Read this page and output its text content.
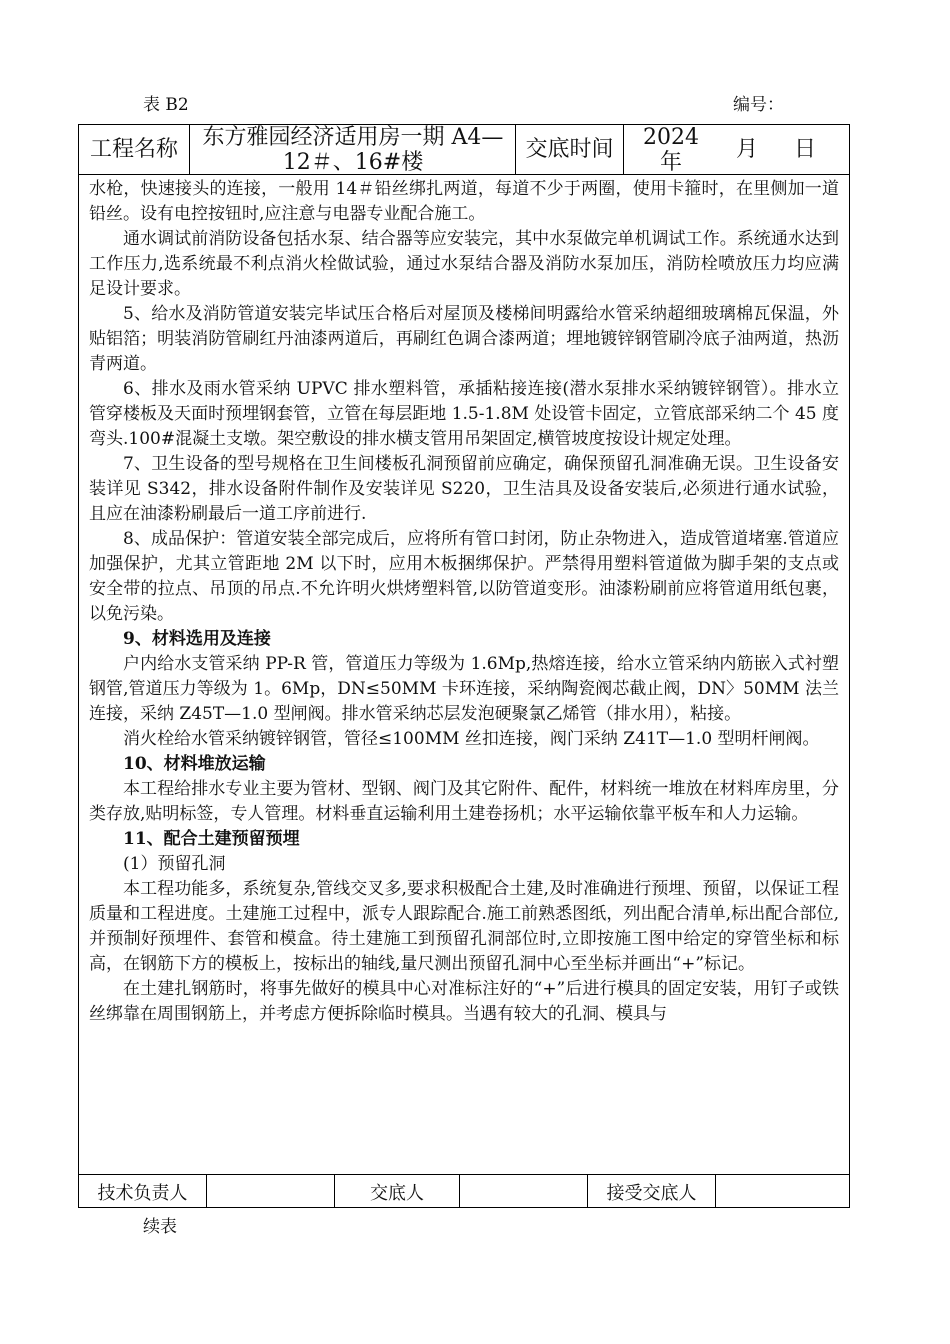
表 B2	编号：
工程名称	东方雅园经济适用房一期 A4—12＃、16#楼	交底时间	2024 年	月 日

水枪，快速接头的连接，一般用 14＃铅丝绑扎两道，每道不少于两圈，使用卡箍时，在里侧加一道铅丝。设有电控按钮时,应注意与电器专业配合施工。

通水调试前消防设备包括水泵、结合器等应安装完，其中水泵做完单机调试工作。系统通水达到工作压力,选系统最不利点消火栓做试验，通过水泵结合器及消防水泵加压，消防栓喷放压力均应满足设计要求。

5、给水及消防管道安装完毕试压合格后对屋顶及楼梯间明露给水管采纳超细玻璃棉瓦保温，外贴铝箔；明装消防管刷红丹油漆两道后，再刷红色调合漆两道；埋地镀锌钢管刷冷底子油两道，热沥青两道。

6、排水及雨水管采纳 UPVC 排水塑料管，承插粘接连接(潜水泵排水采纳镀锌钢管）。排水立管穿楼板及天面时预埋钢套管，立管在每层距地 1.5-1.8M 处设管卡固定，立管底部采纳二个 45 度弯头.100#混凝土支墩。架空敷设的排水横支管用吊架固定,横管坡度按设计规定处理。

7、卫生设备的型号规格在卫生间楼板孔洞预留前应确定，确保预留孔洞准确无误。卫生设备安装详见 S342，排水设备附件制作及安装详见 S220，卫生洁具及设备安装后,必须进行通水试验，且应在油漆粉刷最后一道工序前进行.

8、成品保护：管道安装全部完成后，应将所有管口封闭，防止杂物进入，造成管道堵塞.管道应加强保护，尤其立管距地 2M 以下时，应用木板捆绑保护。严禁得用塑料管道做为脚手架的支点或安全带的拉点、吊顶的吊点.不允许明火烘烤塑料管,以防管道变形。油漆粉刷前应将管道用纸包裹，以免污染。

9、材料选用及连接

户内给水支管采纳 PP-R 管，管道压力等级为 1.6Mp,热熔连接，给水立管采纳内筋嵌入式衬塑钢管,管道压力等级为 1。6Mp，DN≤50MM 卡环连接，采纳陶瓷阀芯截止阀，DN〉50MM 法兰连接，采纳 Z45T—1.0 型闸阀。排水管采纳芯层发泡硬聚氯乙烯管（排水用），粘接。

消火栓给水管采纳镀锌钢管，管径≤100MM 丝扣连接，阀门采纳 Z41T—1.0 型明杆闸阀。

10、材料堆放运输

本工程给排水专业主要为管材、型钢、阀门及其它附件、配件，材料统一堆放在材料库房里，分类存放,贴明标签，专人管理。材料垂直运输利用土建卷扬机；水平运输依靠平板车和人力运输。

11、配合土建预留预埋

(1）预留孔洞

本工程功能多，系统复杂,管线交叉多,要求积极配合土建,及时准确进行预埋、预留，以保证工程质量和工程进度。土建施工过程中，派专人跟踪配合.施工前熟悉图纸，列出配合清单,标出配合部位,并预制好预埋件、套管和模盒。待土建施工到预留孔洞部位时,立即按施工图中给定的穿管坐标和标高，在钢筋下方的模板上，按标出的轴线,量尺测出预留孔洞中心至坐标并画出“+”标记。

在土建扎钢筋时，将事先做好的模具中心对准标注好的“+”后进行模具的固定安装，用钉子或铁丝绑靠在周围钢筋上，并考虑方便拆除临时模具。当遇有较大的孔洞、模具与

技术负责人	交底人	接受交底人
续表
